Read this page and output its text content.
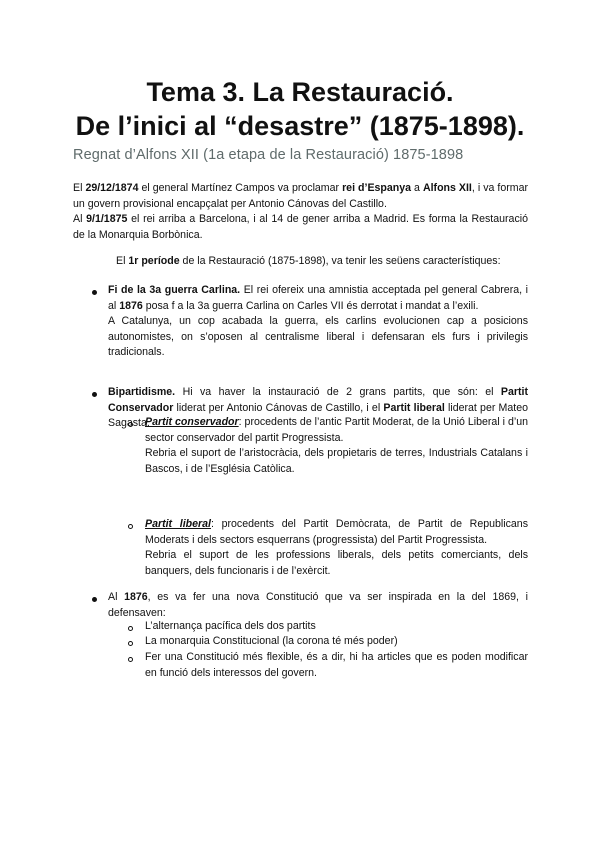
Tema 3. La Restauració.
De l’inici al “desastre” (1875-1898).
Regnat d’Alfons XII (1a etapa de la Restauració) 1875-1898
El 29/12/1874 el general Martínez Campos va proclamar rei d’Espanya a Alfons XII, i va formar un govern provisional encapçalat per Antonio Cánovas del Castillo.
Al 9/1/1875 el rei arriba a Barcelona, i al 14 de gener arriba a Madrid. Es forma la Restauració de la Monarquia Borbònica.
El 1r període de la Restauració (1875-1898), va tenir les seüens característiques:
Fi de la 3a guerra Carlina. El rei ofereix una amnistia acceptada pel general Cabrera, i al 1876 posa f a la 3a guerra Carlina on Carles VII és derrotat i mandat a l’exili.
A Catalunya, un cop acabada la guerra, els carlins evolucionen cap a posicions autonomistes, on s’oposen al centralisme liberal i defensaran els furs i privilegis tradicionals.
Bipartidisme. Hi va haver la instauració de 2 grans partits, que són: el Partit Conservador liderat per Antonio Cánovas de Castillo, i el Partit liberal liderat per Mateo Sagasta.
Partit conservador: procedents de l’antic Partit Moderat, de la Unió Liberal i d’un sector conservador del partit Progressista.
Rebria el suport de l’aristocràcia, dels propietaris de terres, Industrials Catalans i Bascos, i de l’Església Catòlica.
Partit liberal: procedents del Partit Demòcrata, de Partit de Republicans Moderats i dels sectors esquerrans (progressista) del Partit Progressista.
Rebria el suport de les professions liberals, dels petits comerciants, dels banquers, dels funcionaris i de l’exèrcit.
Al 1876, es va fer una nova Constitució que va ser inspirada en la del 1869, i defensaven:
L’alternança pacífica dels dos partits
La monarquia Constitucional (la corona té més poder)
Fer una Constitució més flexible, és a dir, hi ha articles que es poden modificar en funció dels interessos del govern.
